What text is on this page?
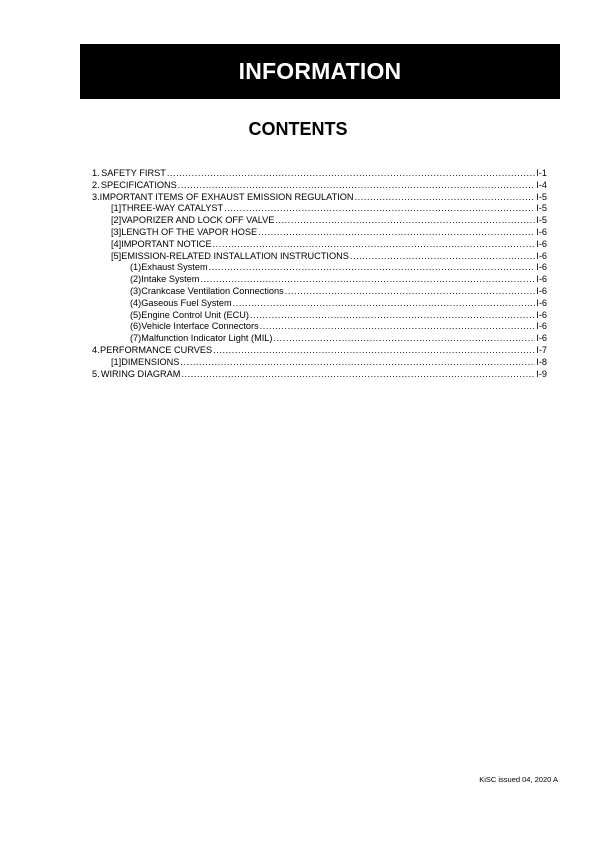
INFORMATION
CONTENTS
1. SAFETY FIRST .....	I-1
2. SPECIFICATIONS .....	I-4
3. IMPORTANT ITEMS OF EXHAUST EMISSION REGULATION .....	I-5
[1] THREE-WAY CATALYST .....	I-5
[2] VAPORIZER AND LOCK OFF VALVE .....	I-5
[3] LENGTH OF THE VAPOR HOSE .....	I-6
[4] IMPORTANT NOTICE .....	I-6
[5] EMISSION-RELATED INSTALLATION INSTRUCTIONS .....	I-6
(1) Exhaust System .....	I-6
(2) Intake System .....	I-6
(3) Crankcase Ventilation Connections .....	I-6
(4) Gaseous Fuel System .....	I-6
(5) Engine Control Unit (ECU) .....	I-6
(6) Vehicle Interface Connectors .....	I-6
(7) Malfunction Indicator Light (MIL) .....	I-6
4. PERFORMANCE CURVES .....	I-7
[1] DIMENSIONS .....	I-8
5. WIRING DIAGRAM .....	I-9
KiSC issued 04, 2020 A
